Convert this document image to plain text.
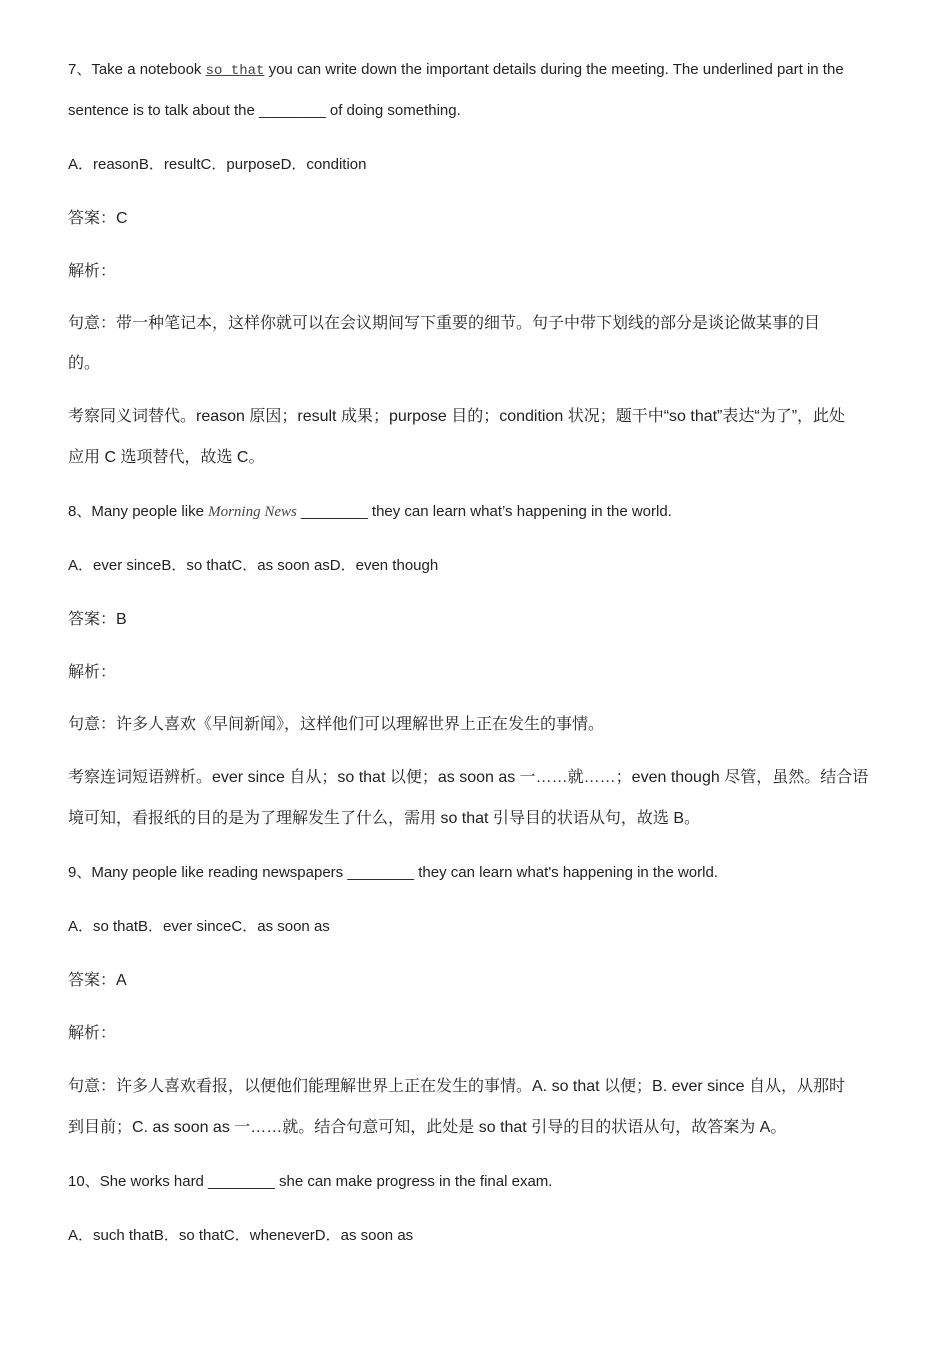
7、Take a notebook so that you can write down the important details during the meeting. The underlined part in the
sentence is to talk about the ________ of doing something.
A．reasonB．resultC．purposeD．condition
答案：C
解析：
句意：带一种笔记本，这样你就可以在会议期间写下重要的细节。句子中带下划线的部分是谈论做某事的目
的。
考察同义词替代。reason 原因；result 成果；purpose 目的；condition 状况；题干中“so that”表达“为了”，此处
应用 C 选项替代，故选 C。
8、Many people like Morning News ________ they can learn what’s happening in the world.
A．ever sinceB．so thatC．as soon asD．even though
答案：B
解析：
句意：许多人喜欢《早间新闻》，这样他们可以理解世界上正在发生的事情。
考察连词短语辨析。ever since 自从；so that 以便；as soon as 一……就……；even though 尽管，虽然。结合语
境可知，看报纸的目的是为了理解发生了什么，需用 so that 引导目的状语从句，故选 B。
9、Many people like reading newspapers ________ they can learn what's happening in the world.
A．so thatB．ever sinceC．as soon as
答案：A
解析：
句意：许多人喜欢看报，以便他们能理解世界上正在发生的事情。A. so that 以便；B. ever since 自从，从那时
到目前；C. as soon as 一……就。结合句意可知，此处是 so that 引导的目的状语从句，故答案为 A。
10、She works hard ________ she can make progress in the final exam.
A．such thatB．so thatC．wheneverD．as soon as
